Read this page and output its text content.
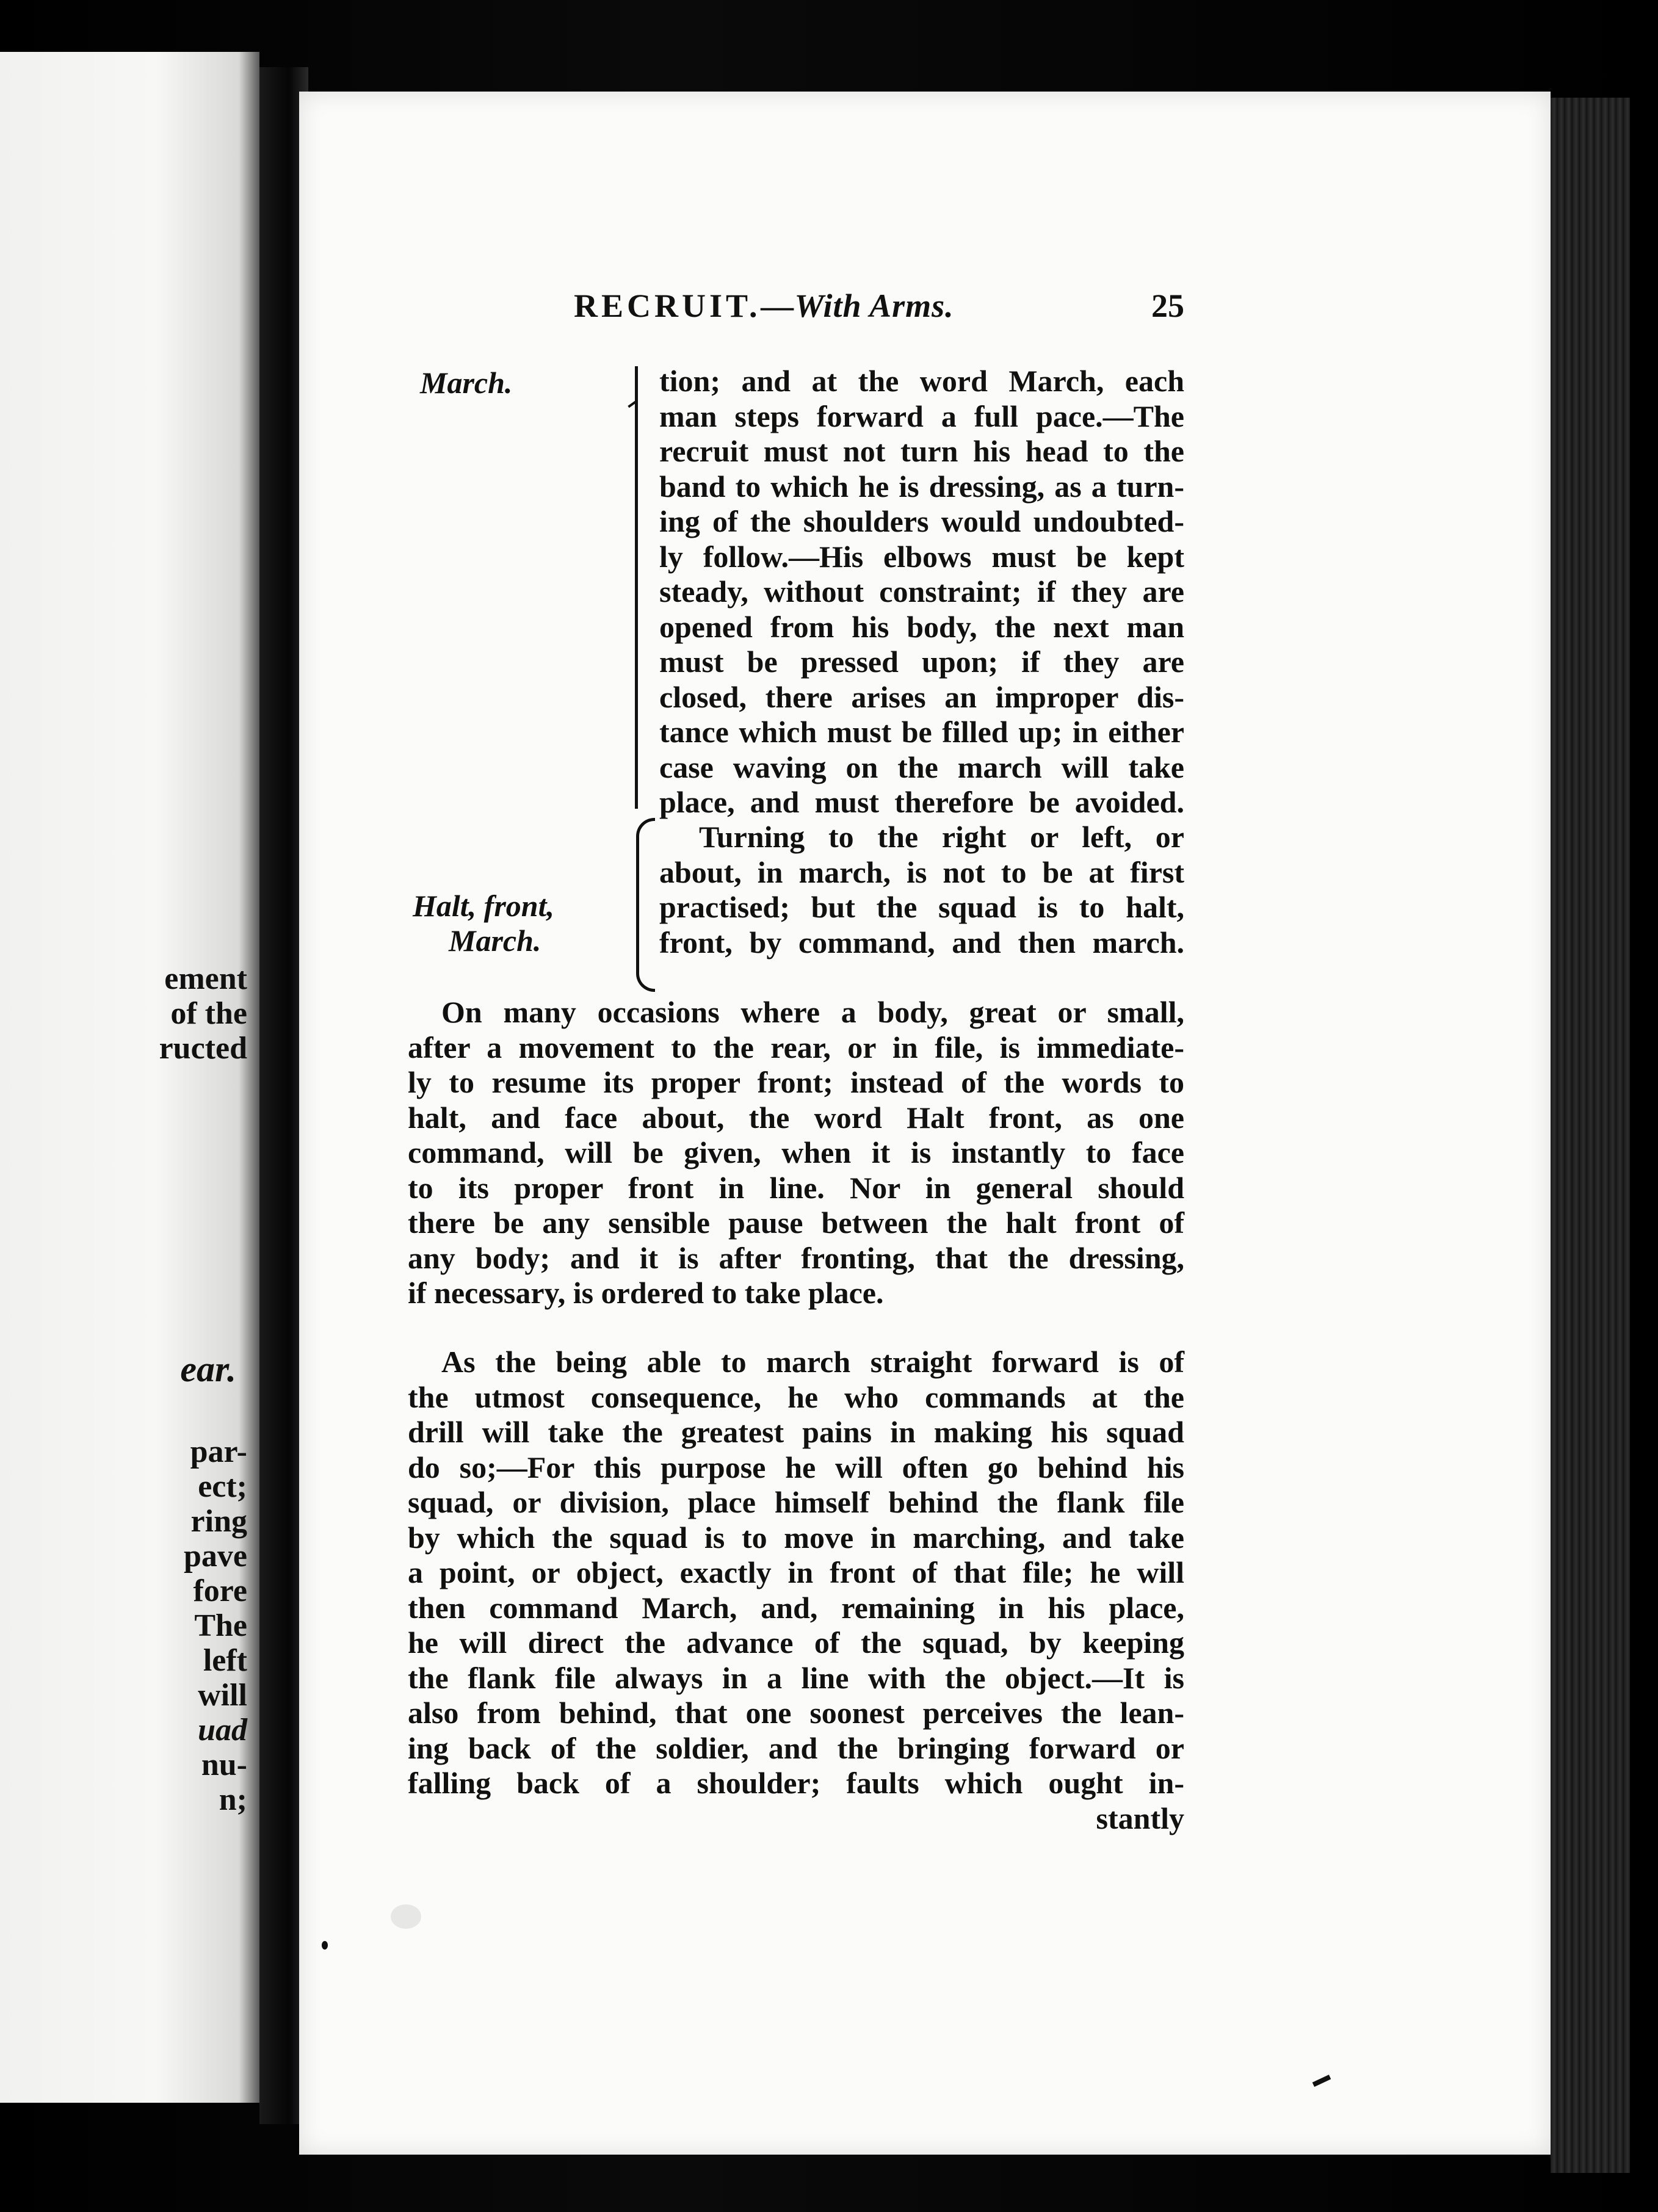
ement
of the
ructed
ear.
par-
ect;
ring
pave
fore
The
left
will
uad
nu-
n;
RECRUIT.—With Arms.	25
March.
Halt, front,
March.
tion; and at the word March, each
man steps forward a full pace.—The
recruit must not turn his head to the
band to which he is dressing, as a turn-
ing of the shoulders would undoubted-
ly follow.—His elbows must be kept
steady, without constraint; if they are
opened from his body, the next man
must be pressed upon; if they are
closed, there arises an improper dis-
tance which must be filled up; in either
case waving on the march will take
place, and must therefore be avoided.
Turning to the right or left, or
about, in march, is not to be at first
practised; but the squad is to halt,
front, by command, and then march.
On many occasions where a body, great or small,
after a movement to the rear, or in file, is immediate-
ly to resume its proper front; instead of the words to
halt, and face about, the word Halt front, as one
command, will be given, when it is instantly to face
to its proper front in line. Nor in general should
there be any sensible pause between the halt front of
any body; and it is after fronting, that the dressing,
if necessary, is ordered to take place.
As the being able to march straight forward is of
the utmost consequence, he who commands at the
drill will take the greatest pains in making his squad
do so;—For this purpose he will often go behind his
squad, or division, place himself behind the flank file
by which the squad is to move in marching, and take
a point, or object, exactly in front of that file; he will
then command March, and, remaining in his place,
he will direct the advance of the squad, by keeping
the flank file always in a line with the object.—It is
also from behind, that one soonest perceives the lean-
ing back of the soldier, and the bringing forward or
falling back of a shoulder; faults which ought in-
stantly
